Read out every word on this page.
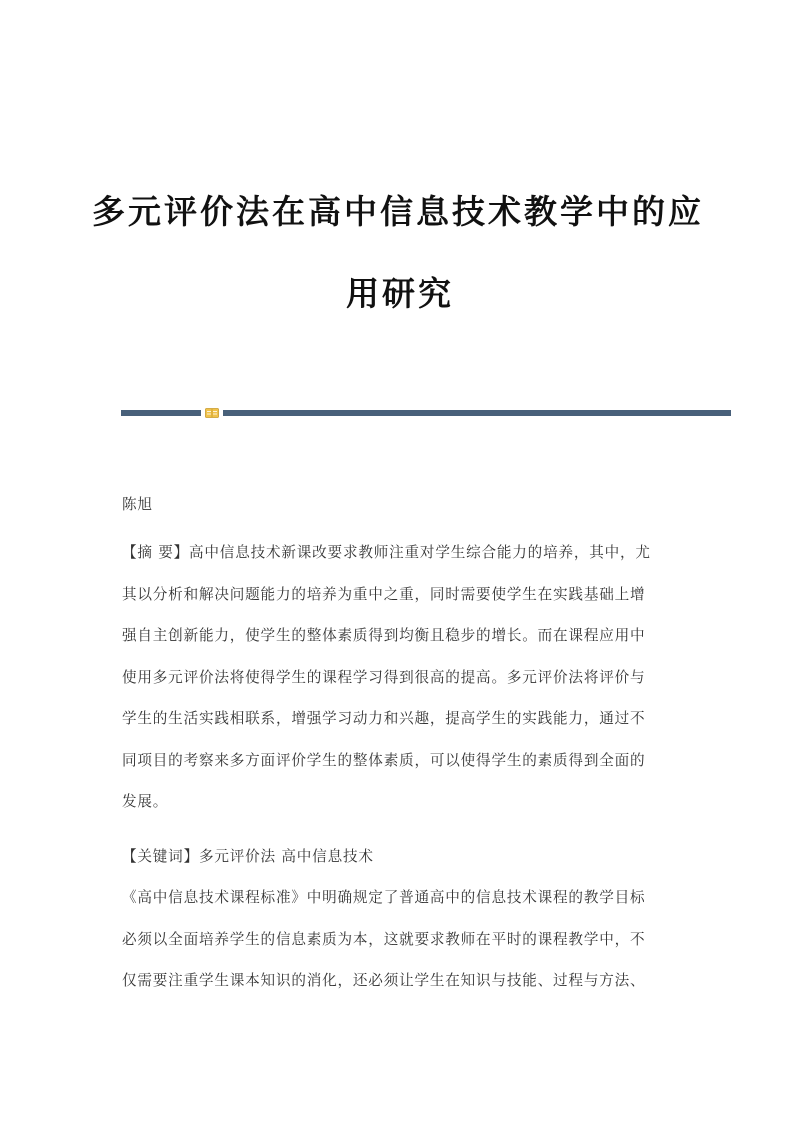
多元评价法在高中信息技术教学中的应
用研究

陈旭

【摘 要】高中信息技术新课改要求教师注重对学生综合能力的培养，其中，尤
其以分析和解决问题能力的培养为重中之重，同时需要使学生在实践基础上增
强自主创新能力，使学生的整体素质得到均衡且稳步的增长。而在课程应用中
使用多元评价法将使得学生的课程学习得到很高的提高。多元评价法将评价与
学生的生活实践相联系，增强学习动力和兴趣，提高学生的实践能力，通过不
同项目的考察来多方面评价学生的整体素质，可以使得学生的素质得到全面的
发展。

【关键词】多元评价法 高中信息技术

《高中信息技术课程标准》中明确规定了普通高中的信息技术课程的教学目标
必须以全面培养学生的信息素质为本，这就要求教师在平时的课程教学中，不
仅需要注重学生课本知识的消化，还必须让学生在知识与技能、过程与方法、
